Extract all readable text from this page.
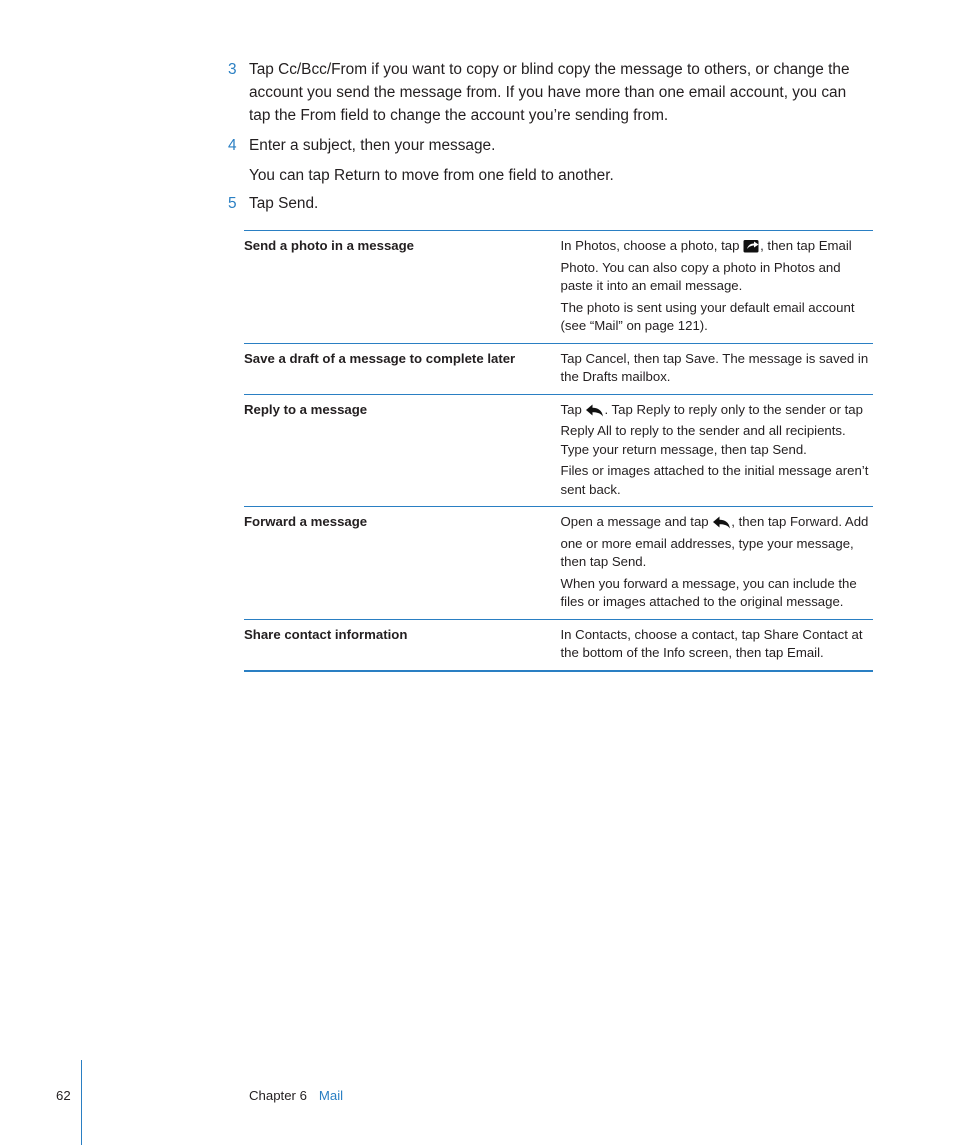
3 Tap Cc/Bcc/From if you want to copy or blind copy the message to others, or change the account you send the message from. If you have more than one email account, you can tap the From field to change the account you’re sending from.
4 Enter a subject, then your message.
You can tap Return to move from one field to another.
5 Tap Send.
Send a photo in a message	In Photos, choose a photo, tap , then tap Email Photo. You can also copy a photo in Photos and paste it into an email message.

The photo is sent using your default email account (see “Mail” on page 121).

Save a draft of a message to complete later	Tap Cancel, then tap Save. The message is saved in the Drafts mailbox.

Reply to a message	Tap . Tap Reply to reply only to the sender or tap Reply All to reply to the sender and all recipients. Type your return message, then tap Send.

Files or images attached to the initial message aren’t sent back.

Forward a message	Open a message and tap , then tap Forward. Add one or more email addresses, type your message, then tap Send.

When you forward a message, you can include the files or images attached to the original message.

Share contact information	In Contacts, choose a contact, tap Share Contact at the bottom of the Info screen, then tap Email.

62	Chapter 6 Mail
